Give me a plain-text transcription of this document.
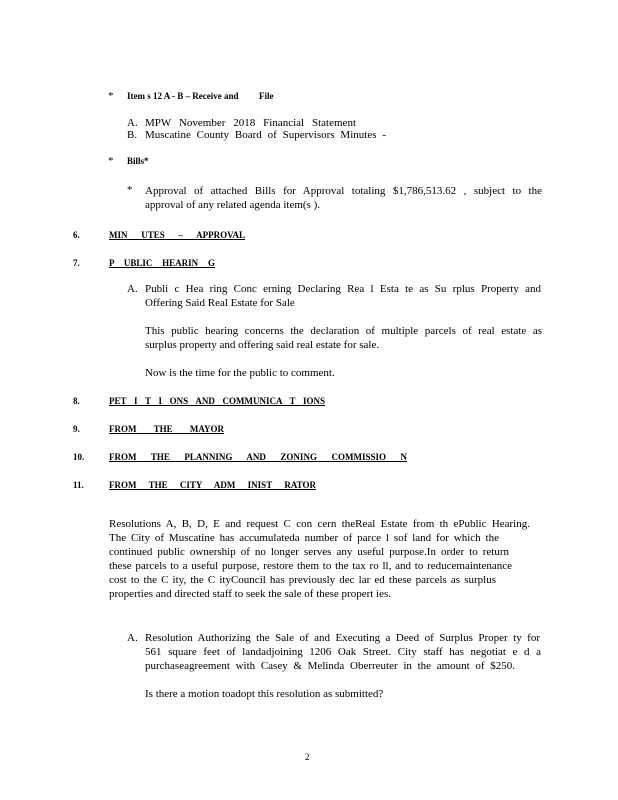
* Item s 12 A - B – Receive and File
A. MPW November 2018 Financial Statement
B. Muscatine County Board of Supervisors Minutes -
* Bills*
* Approval of attached Bills for Approval totaling $1,786,513.62 , subject to the
approval of any related agenda item(s ).
6.	MIN UTES – APPROVAL
7.	P UBLIC HEARIN G
A. Publi c Hea ring Conc erning Declaring Rea l Esta te as Su rplus Property and
Offering Said Real Estate for Sale
This public hearing concerns the declaration of multiple parcels of real estate as
surplus property and offering said real estate for sale.
Now is the time for the public to comment.
8.	PET I T I ONS AND COMMUNICA T IONS
9.	FROM THE MAYOR
10.	FROM THE PLANNING AND ZONING COMMISSIO N
11.	FROM THE CITY ADM INIST RATOR
Resolutions A, B, D, E and request C con cern theReal Estate from th ePublic Hearing.
The City of Muscatine has accumulateda number of parce l sof land for which the
continued public ownership of no longer serves any useful purpose.In order to return
these parcels to a useful purpose, restore them to the tax ro ll, and to reducemaintenance
cost to the C ity, the C ityCouncil has previously dec lar ed these parcels as surplus
properties and directed staff to seek the sale of these propert ies.
A. Resolution Authorizing the Sale of and Executing a Deed of Surplus Proper ty for
561 square feet of landadjoining 1206 Oak Street. City staff has negotiat e d a
purchaseagreement with Casey & Melinda Oberreuter in the amount of $250.
Is there a motion toadopt this resolution as submitted?
2
